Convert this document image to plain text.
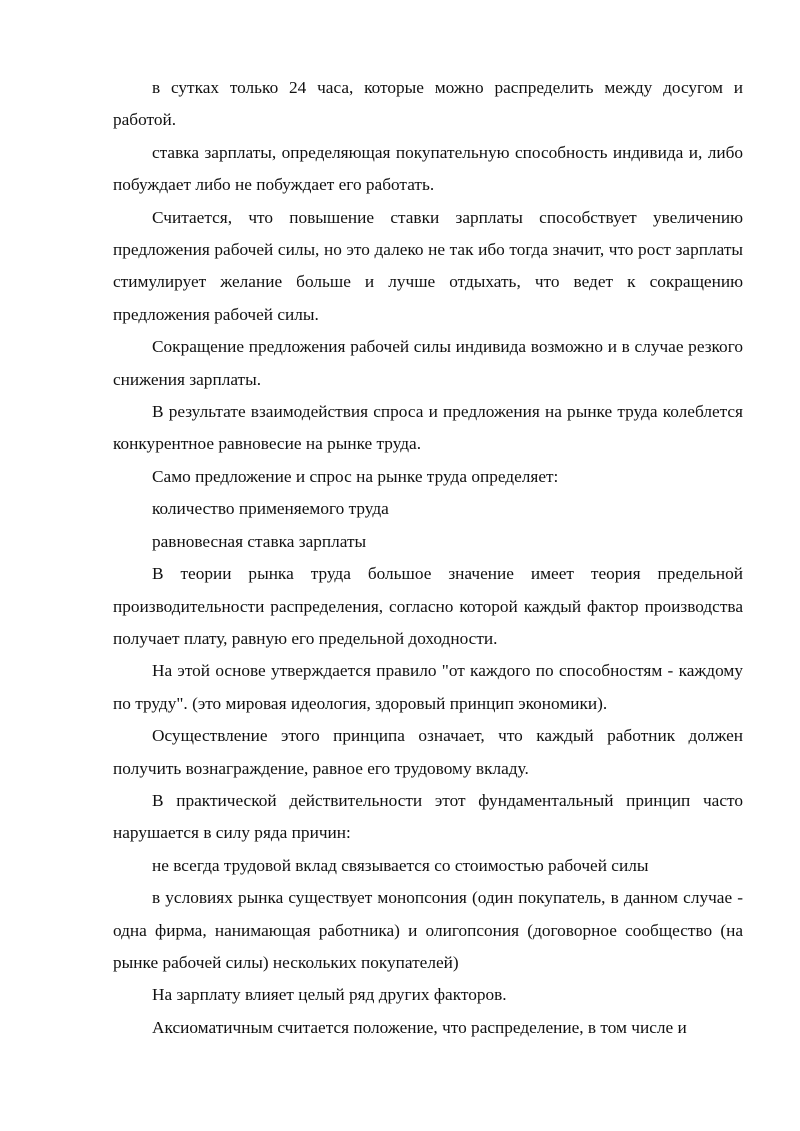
в сутках только 24 часа, которые можно распределить между досугом и работой.

ставка зарплаты, определяющая покупательную способность индивида и, либо побуждает либо не побуждает его работать.

Считается, что повышение ставки зарплаты способствует увеличению предложения рабочей силы, но это далеко не так ибо тогда значит, что рост зарплаты стимулирует желание больше и лучше отдыхать, что ведет к сокращению предложения рабочей силы.

Сокращение предложения рабочей силы индивида возможно и в случае резкого снижения зарплаты.

В результате взаимодействия спроса и предложения на рынке труда колеблется конкурентное равновесие на рынке труда.

Само предложение и спрос на рынке труда определяет:

количество применяемого труда

равновесная ставка зарплаты

В теории рынка труда большое значение имеет теория предельной производительности распределения, согласно которой каждый фактор производства получает плату, равную его предельной доходности.

На этой основе утверждается правило "от каждого по способностям - каждому по труду". (это мировая идеология, здоровый принцип экономики).

Осуществление этого принципа означает, что каждый работник должен получить вознаграждение, равное его трудовому вкладу.

В практической действительности этот фундаментальный принцип часто нарушается в силу ряда причин:

не всегда трудовой вклад связывается со стоимостью рабочей силы

в условиях рынка существует монопсония (один покупатель, в данном случае - одна фирма, нанимающая работника) и олигопсония (договорное сообщество (на рынке рабочей силы) нескольких покупателей)

На зарплату влияет целый ряд других факторов.

Аксиоматичным считается положение, что распределение, в том числе и
